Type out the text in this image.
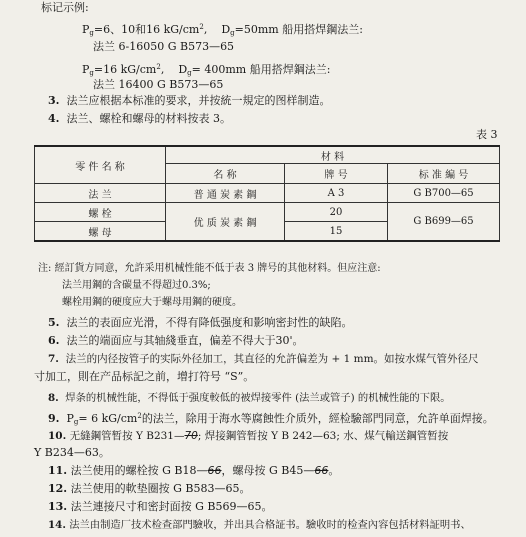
标记示例:
$P_g=6$、10和16 $kG/cm^2$,    $D_g=50mm$ 船用搭焊鋼法兰:
法兰 6-16050 G B573—65
$P_g=16$ $kG/cm^2$,    $D_g= 400mm$ 船用搭焊鋼法兰:
法兰 16400 G B573—65
3. 法兰应根据本标准的要求，并按統一規定的图样制造。
4. 法兰、螺栓和螺母的材料按表 3。
表 3
零 件 名 称	材 料		
	名 称	牌 号	标 准 編 号
法 兰	普 通 炭 素 鋼	A 3	G B700—65
螺 栓	优 质 炭 素 鋼	20	G B699—65
螺 母		15	
注: 經訂貨方同意，允許采用机械性能不低于表 3 牌号的其他材料。但应注意:
法兰用鋼的含碳量不得超过0.3%;
螺栓用鋼的硬度应大于螺母用鋼的硬度。
5. 法兰的表面应光滑，不得有降低强度和影响密封性的缺陷。
6. 法兰的端面应与其轴綫垂直，偏差不得大于30'。
7. 法兰的内径按管子的实际外径加工，其直径的允許偏差为 + 1 mm。如按水煤气管外径尺
寸加工，則在产品标記之前，增打符号 “S”。
8. 焊条的机械性能，不得低于强度較低的被焊接零件 (法兰或管子) 的机械性能的下限。
9. $P_g= 6$ $kG/cm^2$的法兰，除用于海水等腐蝕性介质外，經检驗部門同意，允許单面焊接。
10. 无縫鋼管暂按 Y B231—70; 焊接鋼管暂按 Y B 242—63; 水、煤气輸送鋼管暂按
Y B234—63。
11. 法兰使用的螺栓按 G B18—66，螺母按 G B45—66。
12. 法兰使用的軟垫圈按 G B583—65。
13. 法兰連接尺寸和密封面按 G B569—65。
14. 法兰由制造厂技术检查部門驗收，并出具合格証书。驗收时的检查內容包括材料証明书、
